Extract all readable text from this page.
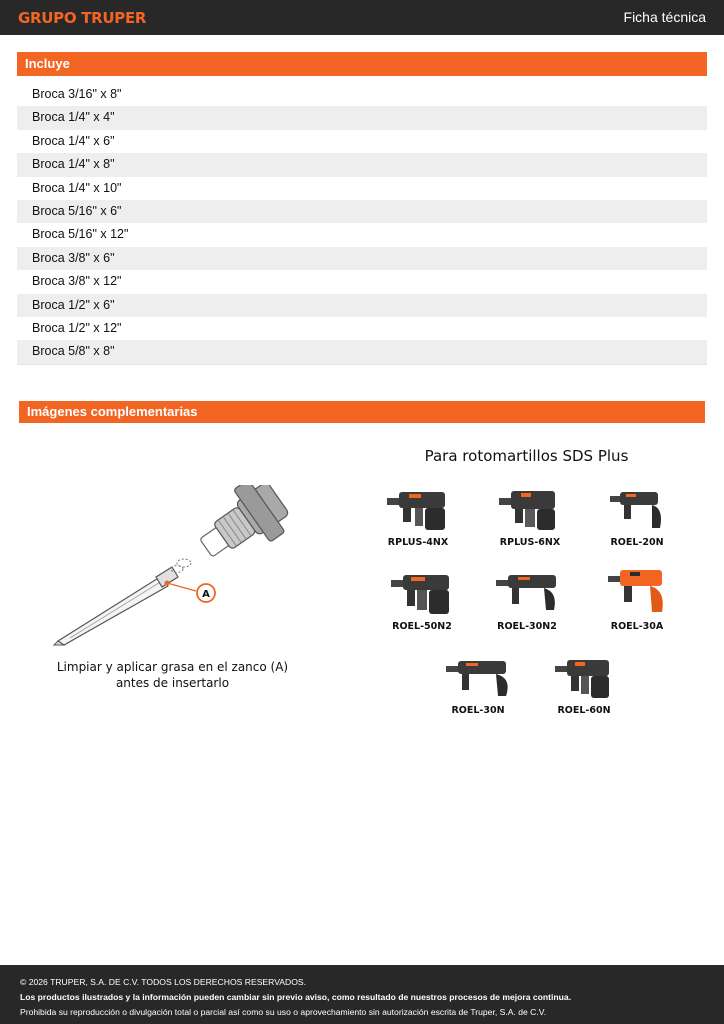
GRUPO TRUPER	Ficha técnica
Incluye
Broca 3/16" x 8"
Broca 1/4" x 4"
Broca 1/4" x 6"
Broca 1/4" x 8"
Broca 1/4" x 10"
Broca 5/16" x 6"
Broca 5/16" x 12"
Broca 3/8" x 6"
Broca 3/8" x 12"
Broca 1/2" x 6"
Broca 1/2" x 12"
Broca 5/8" x 8"
Imágenes complementarias
A
Limpiar y aplicar grasa en el zanco (A)
antes de insertarlo
Para rotomartillos SDS Plus
RPLUS-4NX	RPLUS-6NX	ROEL-20N
ROEL-50N2	ROEL-30N2	ROEL-30A
ROEL-30N	ROEL-60N
© 2026 TRUPER, S.A. DE C.V. TODOS LOS DERECHOS RESERVADOS.
Los productos ilustrados y la información pueden cambiar sin previo aviso, como resultado de nuestros procesos de mejora continua.
Prohibida su reproducción o divulgación total o parcial así como su uso o aprovechamiento sin autorización escrita de Truper, S.A. de C.V.
